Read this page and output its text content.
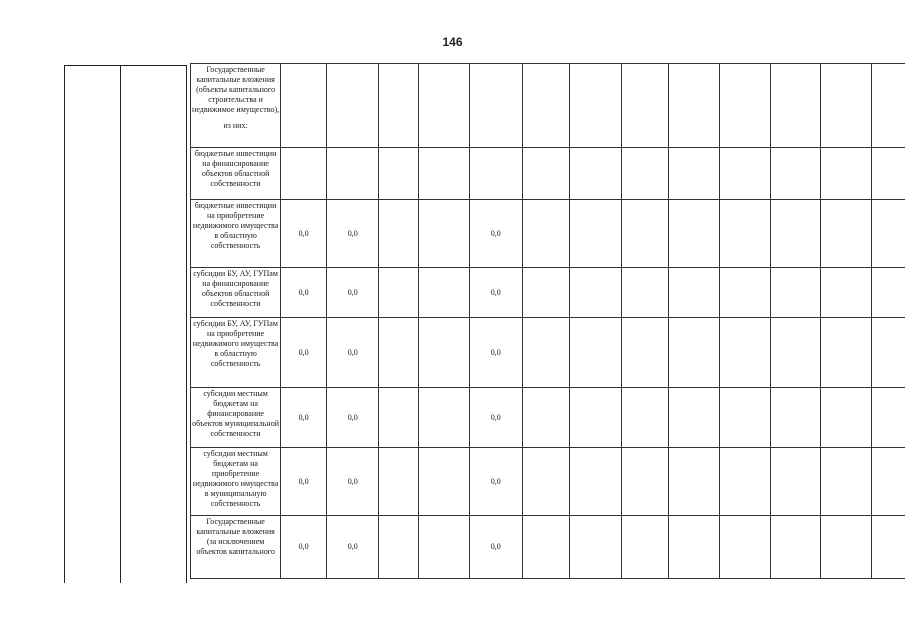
146
Государственные капитальные вложения (объекты капитального строительства и недвижимое имущество),
из них:													

бюджетные инвестиции на финансирование объектов областной собственности													

бюджетные инвестиции на приобретение недвижимого имущества в областную собственность	0,0	0,0			0,0								

субсидии БУ, АУ, ГУПам на финансирование объектов областной собственности	0,0	0,0			0,0								

субсидии БУ, АУ, ГУПам на приобретение недвижимого имущества в областную собственность	0,0	0,0			0,0								

субсидии местным бюджетам на финансирование объектов муниципальной собственности	0,0	0,0			0,0								

субсидии местным бюджетам на приобретение недвижимого имущества в муниципальную собственность	0,0	0,0			0,0								

Государственные капитальные вложения (за исключением объектов капитального	0,0	0,0			0,0								
